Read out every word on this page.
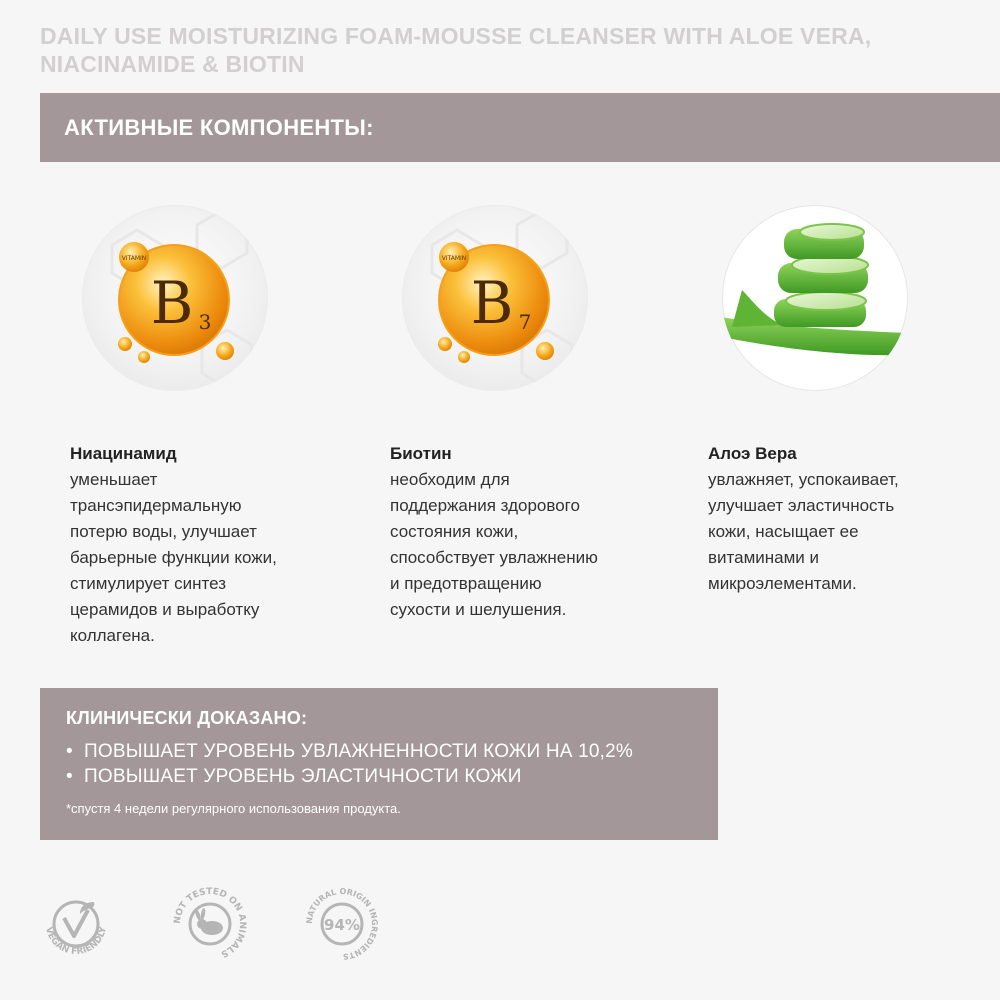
DAILY USE MOISTURIZING FOAM-MOUSSE CLEANSER WITH ALOE VERA,
NIACINAMIDE & BIOTIN
АКТИВНЫЕ КОМПОНЕНТЫ:
VITAMIN
B 3
Ниацинамид
уменьшает
трансэпидермальную
потерю воды, улучшает
барьерные функции кожи,
стимулирует синтез
церамидов и выработку
коллагена.
VITAMIN
B 7
Биотин
необходим для
поддержания здорового
состояния кожи,
способствует увлажнению
и предотвращению
сухости и шелушения.
Алоэ Вера
увлажняет, успокаивает,
улучшает эластичность
кожи, насыщает ее
витаминами и
микроэлементами.
КЛИНИЧЕСКИ ДОКАЗАНО:
• ПОВЫШАЕТ УРОВЕНЬ УВЛАЖНЕННОСТИ КОЖИ НА 10,2%
• ПОВЫШАЕТ УРОВЕНЬ ЭЛАСТИЧНОСТИ КОЖИ
*спустя 4 недели регулярного использования продукта.
VEGAN FRIENDLY
NOT TESTED ON ANIMALS
94%
NATURAL ORIGIN INGREDIENTS
